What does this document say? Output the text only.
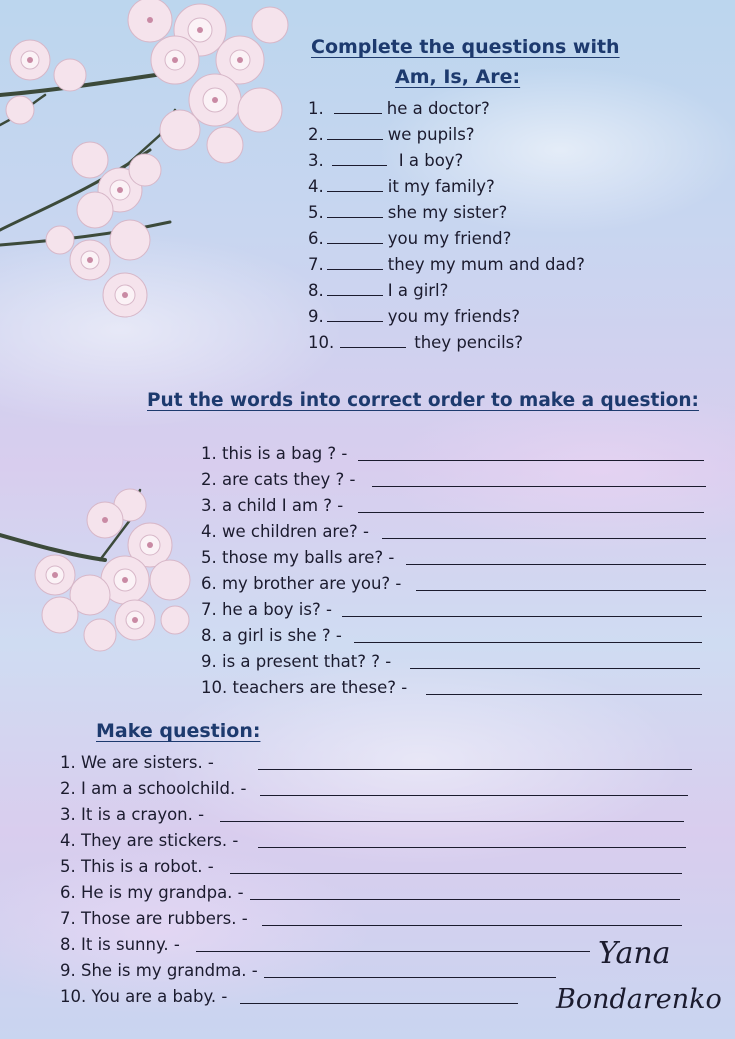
Complete the questions with
Am, Is, Are:
1.	he a doctor?
2.	we pupils?
3.	I a boy?
4.	it my family?
5.	she my sister?
6.	you my friend?
7.	they my mum and dad?
8.	I a girl?
9.	you my friends?
10.	they pencils?
Put the words into correct order to make a question:
1. this is a bag ? -
2. are cats they ? -
3. a child I am ? -
4. we children are? -
5. those my balls are? -
6. my brother are you? -
7. he a boy is? -
8. a girl is she ? -
9. is a present that? ? -
10. teachers are these? -
Make question:
1. We are sisters. -
2. I am a schoolchild. -
3. It is a crayon. -
4. They are stickers. -
5. This is a robot. -
6. He is my grandpa. -
7. Those are rubbers. -
8. It is sunny. -
9. She is my grandma. -
10. You are a baby. -
Yana
Bondarenko
